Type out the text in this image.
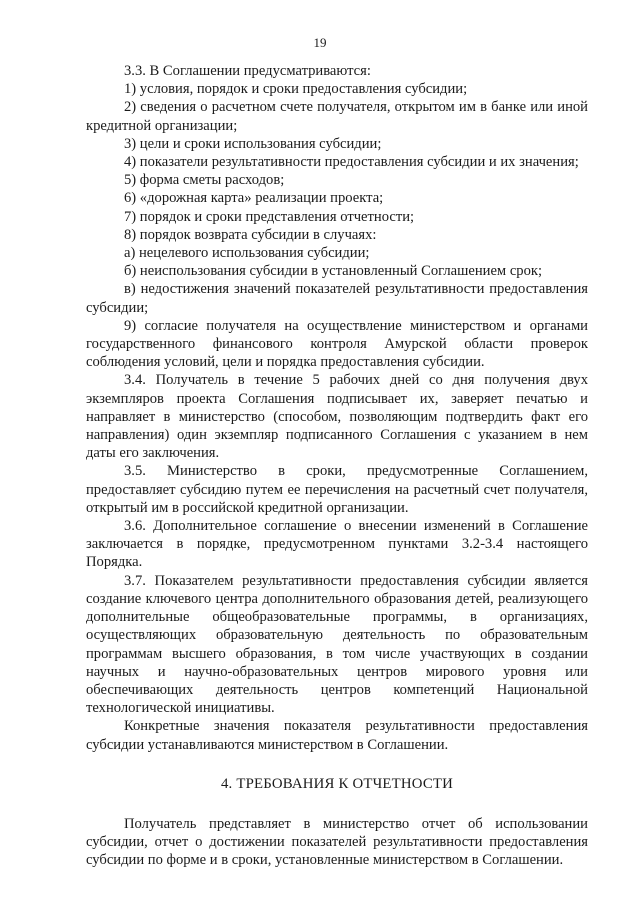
19

3.3. В Соглашении предусматриваются:

1) условия, порядок и сроки предоставления субсидии;

2) сведения о расчетном счете получателя, открытом им в банке или иной кредитной организации;

3) цели и сроки использования субсидии;

4) показатели результативности предоставления субсидии и их значения;

5) форма сметы расходов;

6) «дорожная карта» реализации проекта;

7) порядок и сроки представления отчетности;

8) порядок возврата субсидии в случаях:

а) нецелевого использования субсидии;

б) неиспользования субсидии в установленный Соглашением срок;

в) недостижения значений показателей результативности предоставления субсидии;

9) согласие получателя на осуществление министерством и органами государственного финансового контроля Амурской области проверок соблюдения условий, цели и порядка предоставления субсидии.

3.4. Получатель в течение 5 рабочих дней со дня получения двух экземпляров проекта Соглашения подписывает их, заверяет печатью и направляет в министерство (способом, позволяющим подтвердить факт его направления) один экземпляр подписанного Соглашения с указанием в нем даты его заключения.

3.5. Министерство в сроки, предусмотренные Соглашением, предоставляет субсидию путем ее перечисления на расчетный счет получателя, открытый им в российской кредитной организации.

3.6. Дополнительное соглашение о внесении изменений в Соглашение заключается в порядке, предусмотренном пунктами 3.2-3.4 настоящего Порядка.

3.7. Показателем результативности предоставления субсидии является создание ключевого центра дополнительного образования детей, реализующего дополнительные общеобразовательные программы, в организациях, осуществляющих образовательную деятельность по образовательным программам высшего образования, в том числе участвующих в создании научных и научно-образовательных центров мирового уровня или обеспечивающих деятельность центров компетенций Национальной технологической инициативы.

Конкретные значения показателя результативности предоставления субсидии устанавливаются министерством в Соглашении.

4. ТРЕБОВАНИЯ К ОТЧЕТНОСТИ

Получатель представляет в министерство отчет об использовании субсидии, отчет о достижении показателей результативности предоставления субсидии по форме и в сроки, установленные министерством в Соглашении.
